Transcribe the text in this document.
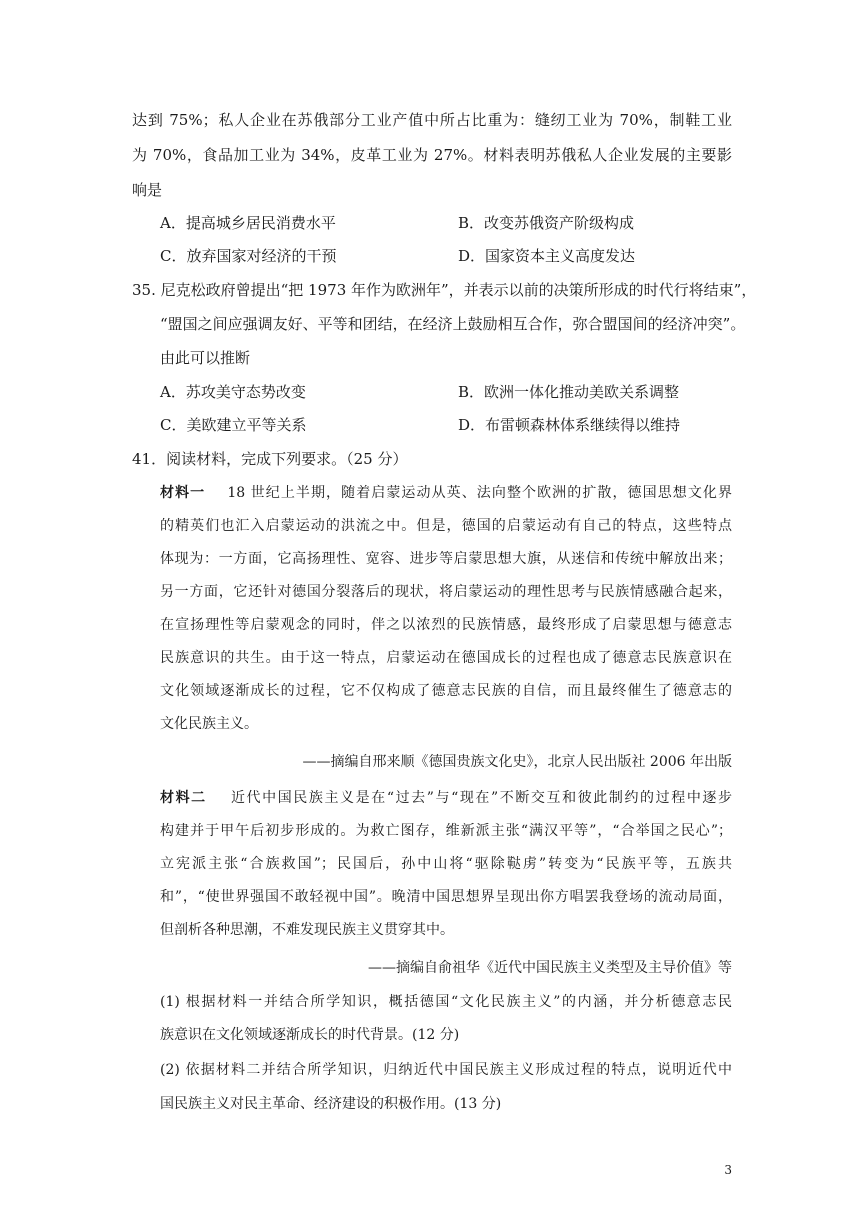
达到 75%；私人企业在苏俄部分工业产值中所占比重为：缝纫工业为 70%，制鞋工业
为 70%，食品加工业为 34%，皮革工业为 27%。材料表明苏俄私人企业发展的主要影
响是
A．提高城乡居民消费水平	B．改变苏俄资产阶级构成
C．放弃国家对经济的干预	D．国家资本主义高度发达
35. 尼克松政府曾提出“把 1973 年作为欧洲年”，并表示以前的决策所形成的时代行将结束”，
“盟国之间应强调友好、平等和团结，在经济上鼓励相互合作，弥合盟国间的经济冲突”。
由此可以推断
A．苏攻美守态势改变	B．欧洲一体化推动美欧关系调整
C．美欧建立平等关系	D．布雷顿森林体系继续得以维持
41．阅读材料，完成下列要求。（25 分）
材料一 18 世纪上半期，随着启蒙运动从英、法向整个欧洲的扩散，德国思想文化界
的精英们也汇入启蒙运动的洪流之中。但是，德国的启蒙运动有自己的特点，这些特点
体现为：一方面，它高扬理性、宽容、进步等启蒙思想大旗，从迷信和传统中解放出来；
另一方面，它还针对德国分裂落后的现状，将启蒙运动的理性思考与民族情感融合起来，
在宣扬理性等启蒙观念的同时，伴之以浓烈的民族情感，最终形成了启蒙思想与德意志
民族意识的共生。由于这一特点，启蒙运动在德国成长的过程也成了德意志民族意识在
文化领域逐渐成长的过程，它不仅构成了德意志民族的自信，而且最终催生了德意志的
文化民族主义。
——摘编自邢来顺《德国贵族文化史》，北京人民出版社 2006 年出版
材料二 近代中国民族主义是在“过去”与“现在”不断交互和彼此制约的过程中逐步
构建并于甲午后初步形成的。为救亡图存，维新派主张“满汉平等”，“合举国之民心”；
立宪派主张“合族救国”；民国后，孙中山将“驱除鞑虏”转变为“民族平等，五族共
和”，“使世界强国不敢轻视中国”。晚清中国思想界呈现出你方唱罢我登场的流动局面，
但剖析各种思潮，不难发现民族主义贯穿其中。
——摘编自俞祖华《近代中国民族主义类型及主导价值》等
(1) 根据材料一并结合所学知识，概括德国“文化民族主义”的内涵，并分析德意志民
族意识在文化领域逐渐成长的时代背景。(12 分)
(2) 依据材料二并结合所学知识，归纳近代中国民族主义形成过程的特点，说明近代中
国民族主义对民主革命、经济建设的积极作用。(13 分)
3
